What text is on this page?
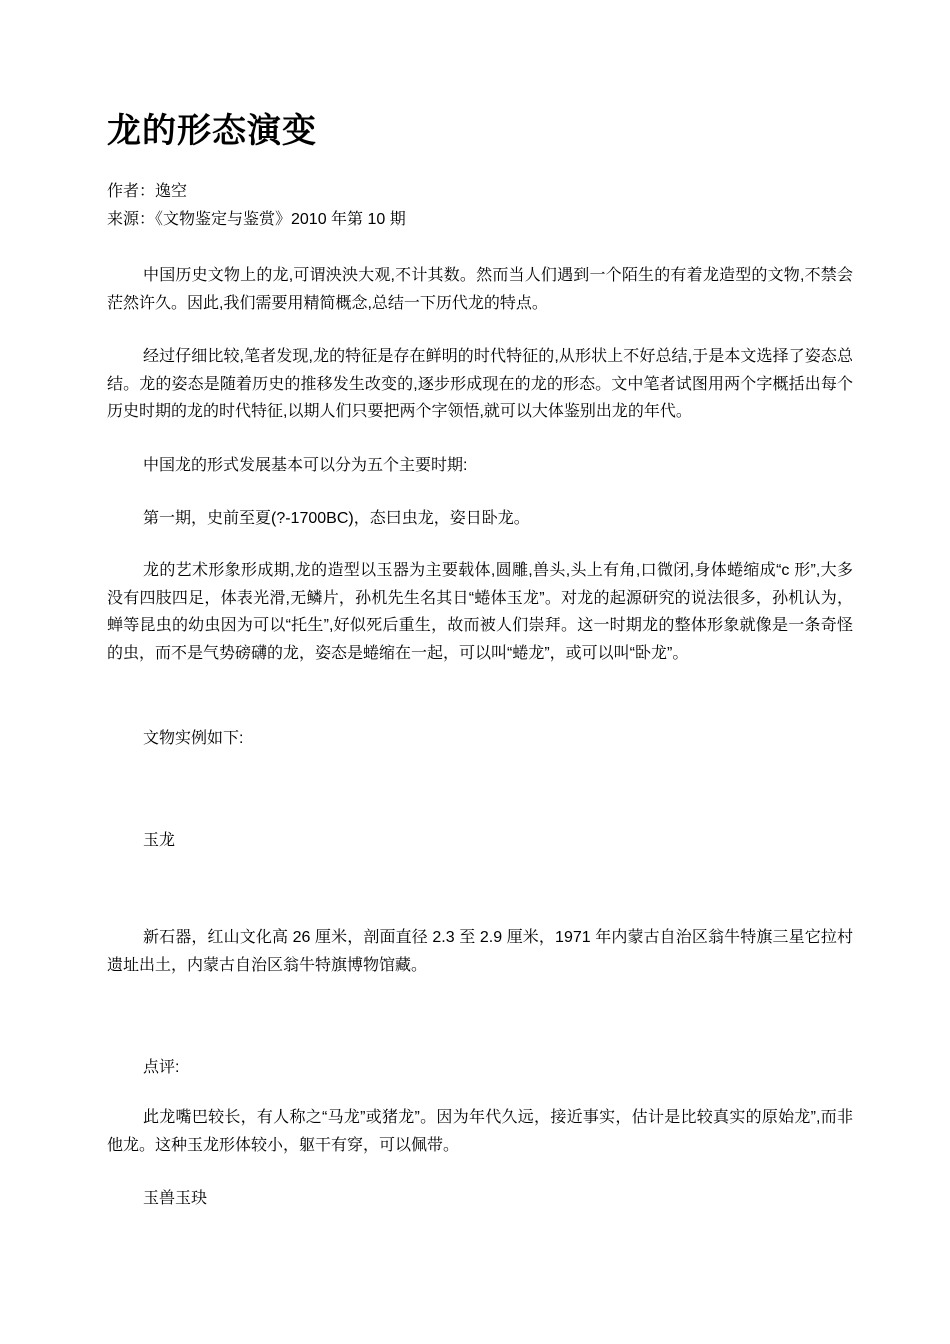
龙的形态演变
作者：逸空
来源：《文物鉴定与鉴赏》2010 年第 10 期

中国历史文物上的龙,可谓泱泱大观,不计其数。然而当人们遇到一个陌生的有着龙造型的文物,不禁会茫然许久。因此,我们需要用精简概念,总结一下历代龙的特点。

经过仔细比较,笔者发现,龙的特征是存在鲜明的时代特征的,从形状上不好总结,于是本文选择了姿态总结。龙的姿态是随着历史的推移发生改变的,逐步形成现在的龙的形态。文中笔者试图用两个字概括出每个历史时期的龙的时代特征,以期人们只要把两个字领悟,就可以大体鉴别出龙的年代。

中国龙的形式发展基本可以分为五个主要时期:

第一期，史前至夏(?-1700BC)，态曰虫龙，姿日卧龙。

龙的艺术形象形成期,龙的造型以玉器为主要载体,圆雕,兽头,头上有角,口微闭,身体蜷缩成“c 形”,大多没有四肢四足，体表光滑,无鳞片，孙机先生名其日“蜷体玉龙”。对龙的起源研究的说法很多，孙机认为，蝉等昆虫的幼虫因为可以“托生”,好似死后重生，故而被人们崇拜。这一时期龙的整体形象就像是一条奇怪的虫，而不是气势磅礴的龙，姿态是蜷缩在一起，可以叫“蜷龙”，或可以叫“卧龙”。

文物实例如下:

玉龙

新石器，红山文化高 26 厘米，剖面直径 2.3 至 2.9 厘米，1971 年内蒙古自治区翁牛特旗三星它拉村遗址出土，内蒙古自治区翁牛特旗博物馆藏。

点评:

此龙嘴巴较长，有人称之“马龙”或猪龙”。因为年代久远，接近事实，估计是比较真实的原始龙”,而非他龙。这种玉龙形体较小，躯干有穿，可以佩带。

玉兽玉玦
